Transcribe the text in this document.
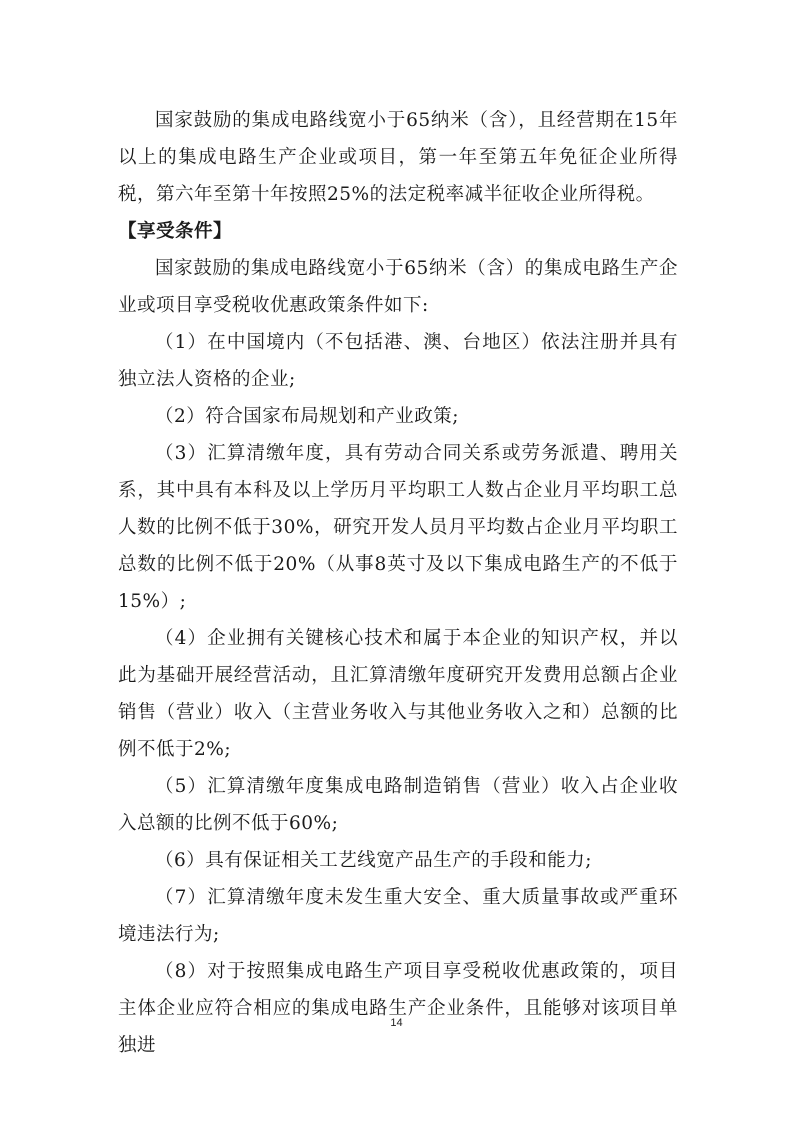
国家鼓励的集成电路线宽小于65纳米（含），且经营期在15年以上的集成电路生产企业或项目，第一年至第五年免征企业所得税，第六年至第十年按照25%的法定税率减半征收企业所得税。

【享受条件】

国家鼓励的集成电路线宽小于65纳米（含）的集成电路生产企业或项目享受税收优惠政策条件如下:

（1）在中国境内（不包括港、澳、台地区）依法注册并具有独立法人资格的企业;

（2）符合国家布局规划和产业政策;

（3）汇算清缴年度，具有劳动合同关系或劳务派遣、聘用关系，其中具有本科及以上学历月平均职工人数占企业月平均职工总人数的比例不低于30%，研究开发人员月平均数占企业月平均职工总数的比例不低于20%（从事8英寸及以下集成电路生产的不低于15%）;

（4）企业拥有关键核心技术和属于本企业的知识产权，并以此为基础开展经营活动，且汇算清缴年度研究开发费用总额占企业销售（营业）收入（主营业务收入与其他业务收入之和）总额的比例不低于2%;

（5）汇算清缴年度集成电路制造销售（营业）收入占企业收入总额的比例不低于60%;

（6）具有保证相关工艺线宽产品生产的手段和能力;

（7）汇算清缴年度未发生重大安全、重大质量事故或严重环境违法行为;

（8）对于按照集成电路生产项目享受税收优惠政策的，项目主体企业应符合相应的集成电路生产企业条件，且能够对该项目单独进

14
